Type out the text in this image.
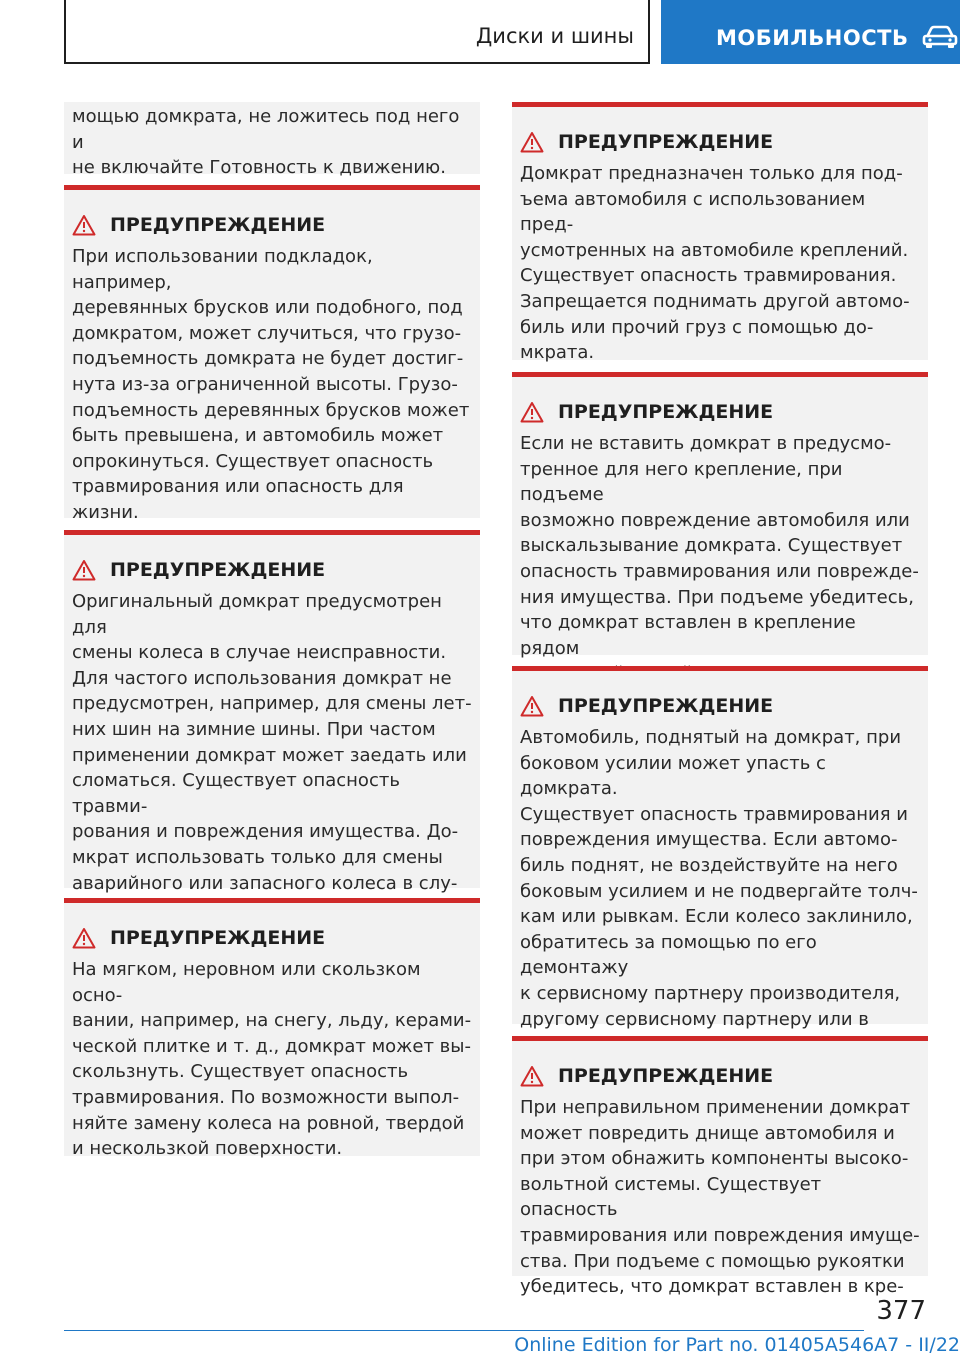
Диски и шины	МОБИЛЬНОСТЬ
мощью домкрата, не ложитесь под него и
не включайте Готовность к движению.
ПРЕДУПРЕЖДЕНИЕ
При использовании подкладок, например,
деревянных брусков или подобного, под
домкратом, может случиться, что грузо-
подъемность домкрата не будет достиг-
нута из-за ограниченной высоты. Грузо-
подъемность деревянных брусков может
быть превышена, и автомобиль может
опрокинуться. Существует опасность
травмирования или опасность для жизни.

ПРЕДУПРЕЖДЕНИЕ
Оригинальный домкрат предусмотрен для
смены колеса в случае неисправности.
Для частого использования домкрат не
предусмотрен, например, для смены лет-
них шин на зимние шины. При частом
применении домкрат может заедать или
сломаться. Существует опасность травми-
рования и повреждения имущества. До-
мкрат использовать только для смены
аварийного или запасного колеса в слу-

ПРЕДУПРЕЖДЕНИЕ
На мягком, неровном или скользком осно-
вании, например, на снегу, льду, керами-
ческой плитке и т. д., домкрат может вы-
скользнуть. Существует опасность
травмирования. По возможности выпол-
няйте замену колеса на ровной, твердой
и нескользкой поверхности.
ПРЕДУПРЕЖДЕНИЕ
Домкрат предназначен только для под-
ъема автомобиля с использованием пред-
усмотренных на автомобиле креплений.
Существует опасность травмирования.
Запрещается поднимать другой автомо-
биль или прочий груз с помощью до-
мкрата.
ПРЕДУПРЕЖДЕНИЕ
Если не вставить домкрат в предусмо-
тренное для него крепление, при подъеме
возможно повреждение автомобиля или
выскальзывание домкрата. Существует
опасность травмирования или поврежде-
ния имущества. При подъеме убедитесь,
что домкрат вставлен в крепление рядом

ПРЕДУПРЕЖДЕНИЕ
Автомобиль, поднятый на домкрат, при
боковом усилии может упасть с домкрата.
Существует опасность травмирования и
повреждения имущества. Если автомо-
биль поднят, не воздействуйте на него
боковым усилием и не подвергайте толч-
кам или рывкам. Если колесо заклинило,
обратитесь за помощью по его демонтажу
к сервисному партнеру производителя,
другому сервисному партнеру или в

ПРЕДУПРЕЖДЕНИЕ
При неправильном применении домкрат
может повредить днище автомобиля и
при этом обнажить компоненты высоко-
вольтной системы. Существует опасность
травмирования или повреждения имуще-
ства. При подъеме с помощью рукоятки
убедитесь, что домкрат вставлен в кре-
377
Online Edition for Part no. 01405A546A7 - II/22
